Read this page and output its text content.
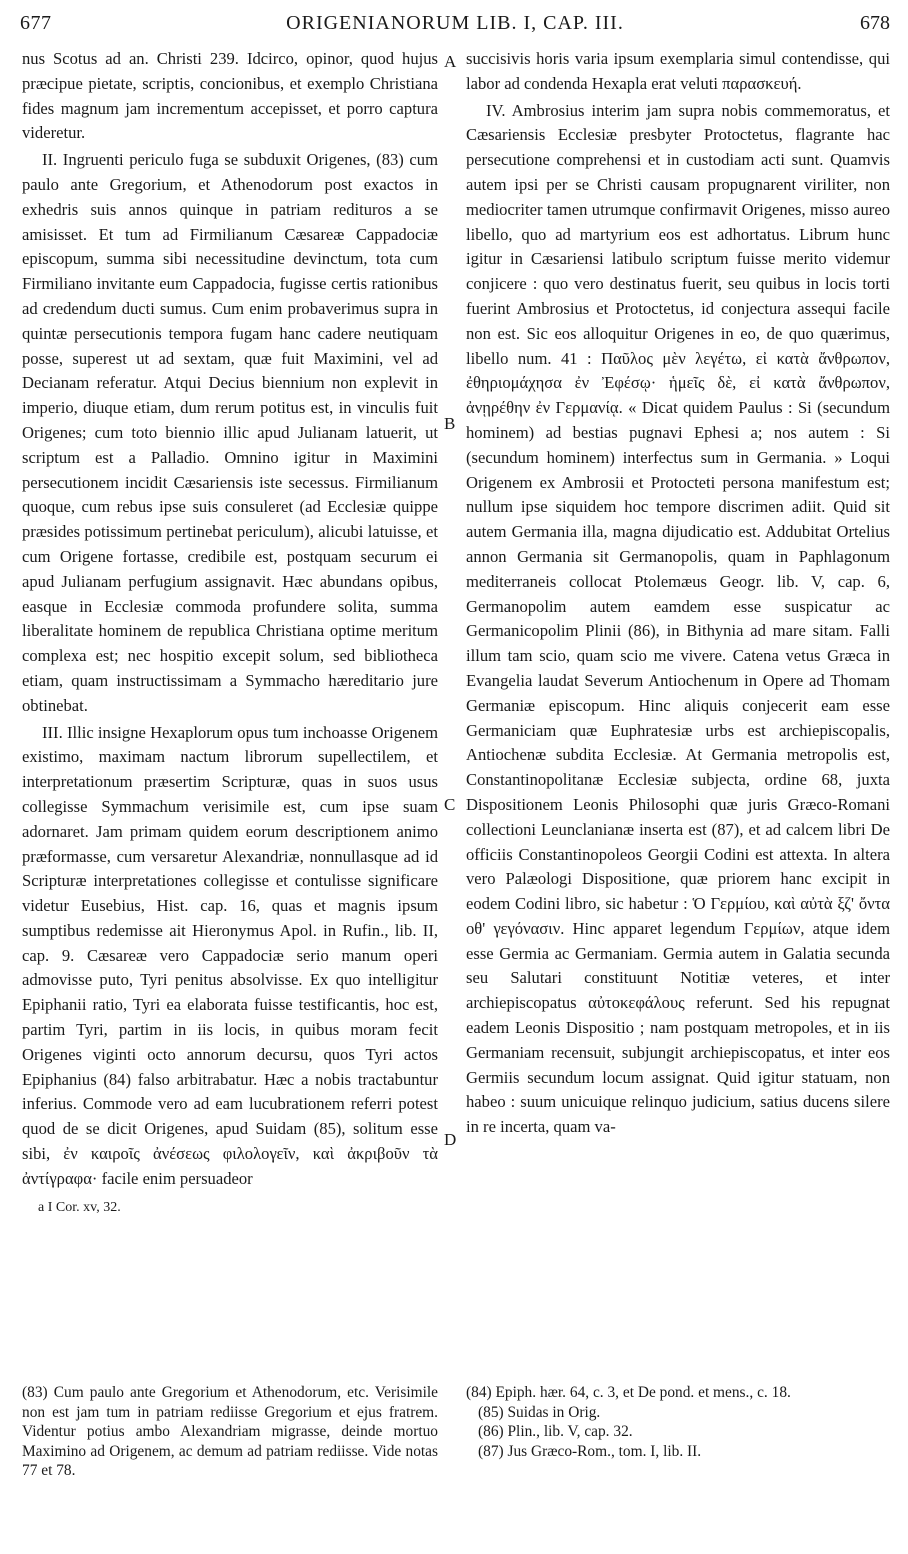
677	ORIGENIANORUM LIB. I, CAP. III.	678

nus Scotus ad an. Christi 239. Idcirco, opinor, quod hujus præcipue pietate, scriptis, concionibus, et exemplo Christiana fides magnum jam incrementum accepisset, et porro captura videretur.

II. Ingruenti periculo fuga se subduxit Origenes, (83) cum paulo ante Gregorium, et Athenodorum post exactos in exhedris suis annos quinque in patriam redituros a se amisisset. Et tum ad Firmilianum Cæsareæ Cappadociæ episcopum, summa sibi necessitudine devinctum, tota cum Firmiliano invitante eum Cappadocia, fugisse certis rationibus ad credendum ducti sumus. Cum enim probaverimus supra in quintæ persecutionis tempora fugam hanc cadere neutiquam posse, superest ut ad sextam, quæ fuit Maximini, vel ad Decianam referatur. Atqui Decius biennium non explevit in imperio, diuque etiam, dum rerum potitus est, in vinculis fuit Origenes; cum toto biennio illic apud Julianam latuerit, ut scriptum est a Palladio. Omnino igitur in Maximini persecutionem incidit Cæsariensis iste secessus. Firmilianum quoque, cum rebus ipse suis consuleret (ad Ecclesiæ quippe præsides potissimum pertinebat periculum), alicubi latuisse, et cum Origene fortasse, credibile est, postquam securum ei apud Julianam perfugium assignavit. Hæc abundans opibus, easque in Ecclesiæ commoda profundere solita, summa liberalitate hominem de republica Christiana optime meritum complexa est; nec hospitio excepit solum, sed bibliotheca etiam, quam instructissimam a Symmacho hæreditario jure obtinebat.

III. Illic insigne Hexaplorum opus tum inchoasse Origenem existimo, maximam nactum librorum supellectilem, et interpretationum præsertim Scripturæ, quas in suos usus collegisse Symmachum verisimile est, cum ipse suam adornaret. Jam primam quidem eorum descriptionem animo præformasse, cum versaretur Alexandriæ, nonnullasque ad id Scripturæ interpretationes collegisse et contulisse significare videtur Eusebius, Hist. cap. 16, quas et magnis ipsum sumptibus redemisse ait Hieronymus Apol. in Rufin., lib. II, cap. 9. Cæsareæ vero Cappadociæ serio manum operi admovisse puto, Tyri penitus absolvisse. Ex quo intelligitur Epiphanii ratio, Tyri ea elaborata fuisse testificantis, hoc est, partim Tyri, partim in iis locis, in quibus moram fecit Origenes viginti octo annorum decursu, quos Tyri actos Epiphanius (84) falso arbitrabatur. Hæc a nobis tractabuntur inferius. Commode vero ad eam lucubrationem referri potest quod de se dicit Origenes, apud Suidam (85), solitum esse sibi, ἐν καιροῖς ἀνέσεως φιλολογεῖν, καὶ ἀκριβοῦν τὰ ἀντίγραφα· facile enim persuadeor

a I Cor. xv, 32.

A
B
C
D

succisivis horis varia ipsum exemplaria simul contendisse, qui labor ad condenda Hexapla erat veluti παρασκευή.

IV. Ambrosius interim jam supra nobis commemoratus, et Cæsariensis Ecclesiæ presbyter Protoctetus, flagrante hac persecutione comprehensi et in custodiam acti sunt. Quamvis autem ipsi per se Christi causam propugnarent viriliter, non mediocriter tamen utrumque confirmavit Origenes, misso aureo libello, quo ad martyrium eos est adhortatus. Librum hunc igitur in Cæsariensi latibulo scriptum fuisse merito videmur conjicere : quo vero destinatus fuerit, seu quibus in locis torti fuerint Ambrosius et Protoctetus, id conjectura assequi facile non est. Sic eos alloquitur Origenes in eo, de quo quærimus, libello num. 41 : Παῦλος μὲν λεγέτω, εἰ κατὰ ἄνθρωπον, ἐθηριομάχησα ἐν Ἐφέσῳ· ἡμεῖς δὲ, εἰ κατὰ ἄνθρωπον, ἀνῃρέθην ἐν Γερμανίᾳ. « Dicat quidem Paulus : Si (secundum hominem) ad bestias pugnavi Ephesi a; nos autem : Si (secundum hominem) interfectus sum in Germania. » Loqui Origenem ex Ambrosii et Protocteti persona manifestum est; nullum ipse siquidem hoc tempore discrimen adiit. Quid sit autem Germania illa, magna dijudicatio est. Addubitat Ortelius annon Germania sit Germanopolis, quam in Paphlagonum mediterraneis collocat Ptolemæus Geogr. lib. V, cap. 6, Germanopolim autem eamdem esse suspicatur ac Germanicopolim Plinii (86), in Bithynia ad mare sitam. Falli illum tam scio, quam scio me vivere. Catena vetus Græca in Evangelia laudat Severum Antiochenum in Opere ad Thomam Germaniæ episcopum. Hinc aliquis conjecerit eam esse Germaniciam quæ Euphratesiæ urbs est archiepiscopalis, Antiochenæ subdita Ecclesiæ. At Germania metropolis est, Constantinopolitanæ Ecclesiæ subjecta, ordine 68, juxta Dispositionem Leonis Philosophi quæ juris Græco-Romani collectioni Leunclanianæ inserta est (87), et ad calcem libri De officiis Constantinopoleos Georgii Codini est attexta. In altera vero Palæologi Dispositione, quæ priorem hanc excipit in eodem Codini libro, sic habetur : Ὁ Γερμίου, καὶ αὐτὰ ξζ' ὄντα οθ' γεγόνασιν. Hinc apparet legendum Γερμίων, atque idem esse Germia ac Germaniam. Germia autem in Galatia secunda seu Salutari constituunt Notitiæ veteres, et inter archiepiscopatus αὐτοκεφάλους referunt. Sed his repugnat eadem Leonis Dispositio ; nam postquam metropoles, et in iis Germaniam recensuit, subjungit archiepiscopatus, et inter eos Germiis secundum locum assignat. Quid igitur statuam, non habeo : suum unicuique relinquo judicium, satius ducens silere in re incerta, quam va-

(83) Cum paulo ante Gregorium et Athenodorum, etc. Verisimile non est jam tum in patriam rediisse Gregorium et ejus fratrem. Videntur potius ambo Alexandriam migrasse, deinde mortuo Maximino ad Origenem, ac demum ad patriam rediisse. Vide notas 77 et 78.

(84) Epiph. hær. 64, c. 3, et De pond. et mens., c. 18.

(85) Suidas in Orig.

(86) Plin., lib. V, cap. 32.

(87) Jus Græco-Rom., tom. I, lib. II.
